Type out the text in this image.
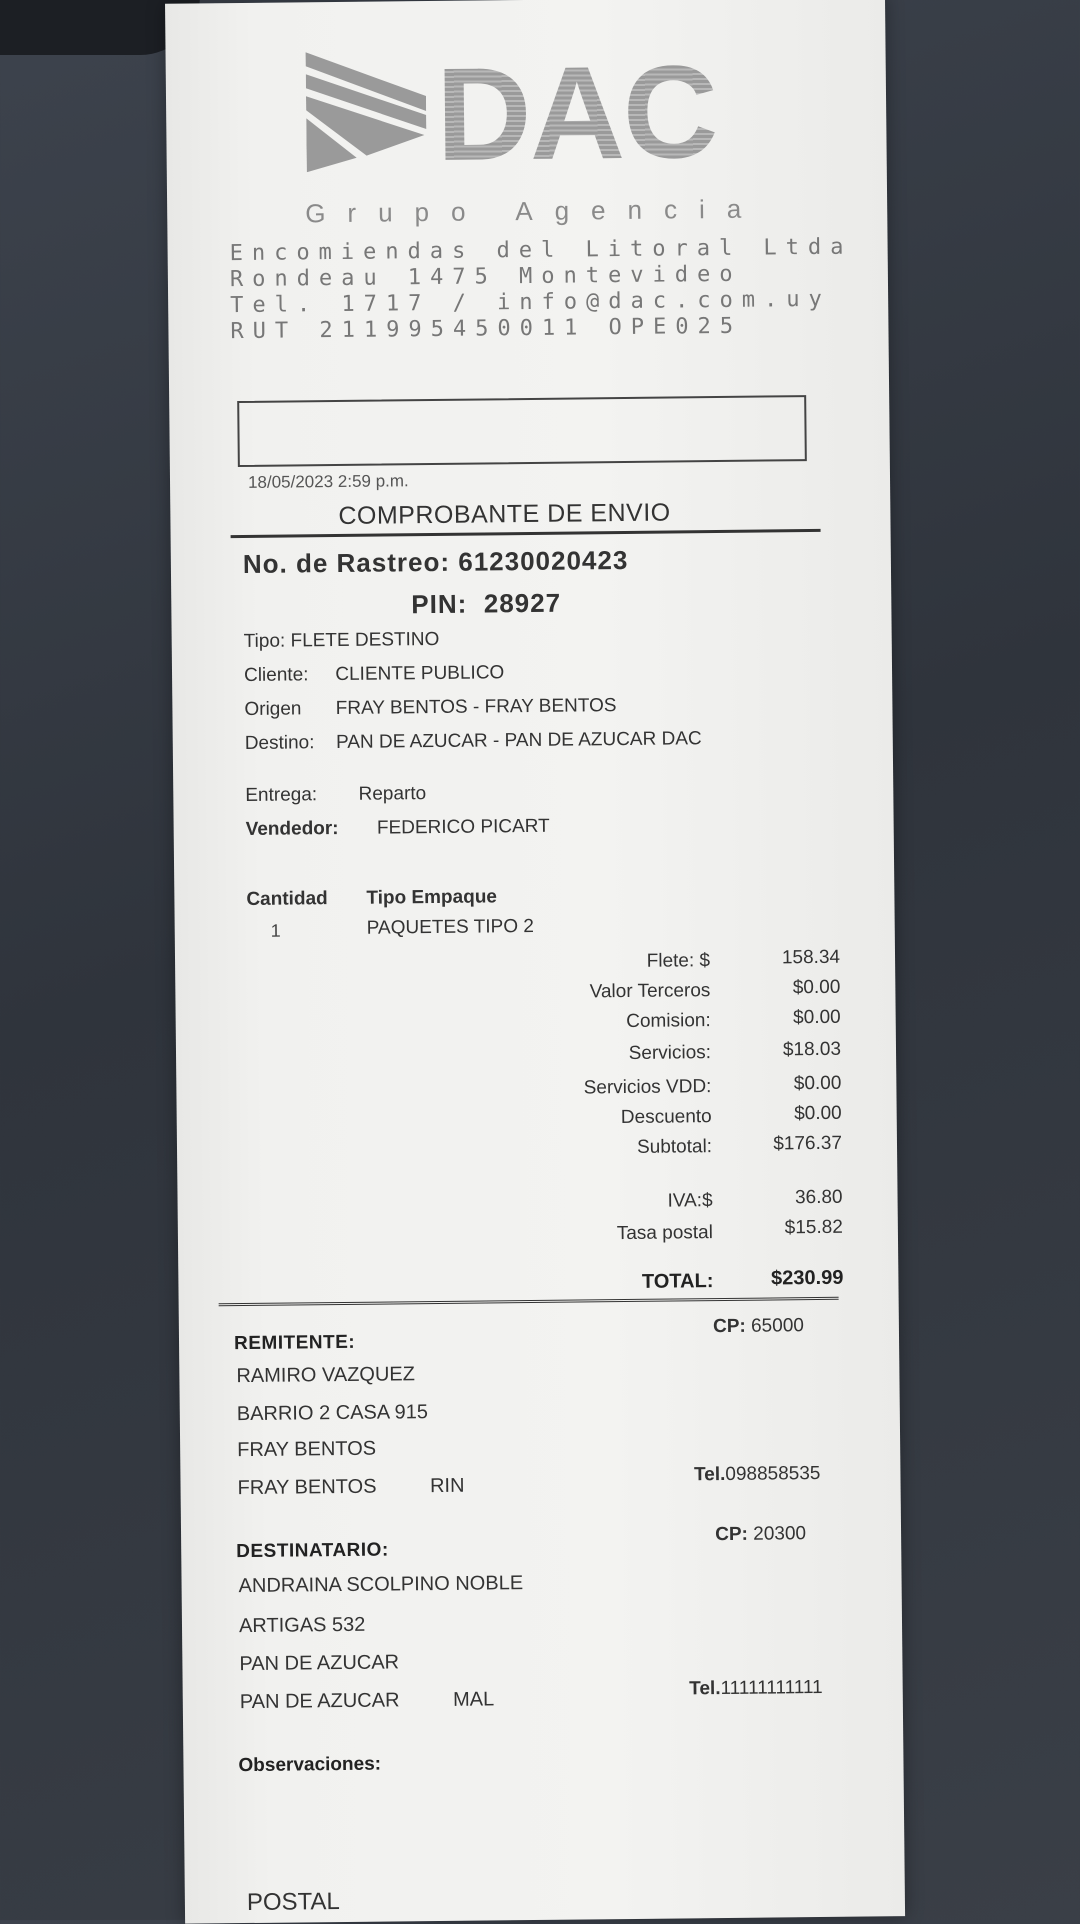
DAC
Grupo Agencia
Encomiendas del Litoral Ltda
Rondeau 1475 Montevideo
Tel. 1717 / info@dac.com.uy
RUT 211995450011 OPE025
18/05/2023 2:59 p.m.
COMPROBANTE DE ENVIO
No. de Rastreo: 61230020423
PIN: 28927
Tipo: FLETE DESTINO
Cliente: CLIENTE PUBLICO
Origen FRAY BENTOS - FRAY BENTOS
Destino: PAN DE AZUCAR - PAN DE AZUCAR DAC
Entrega: Reparto
Vendedor: FEDERICO PICART
Cantidad Tipo Empaque
1	PAQUETES TIPO 2
Flete: $	158.34
Valor Terceros	$0.00
Comision:	$0.00
Servicios:	$18.03
Servicios VDD:	$0.00
Descuento	$0.00
Subtotal:	$176.37
IVA:$	36.80
Tasa postal	$15.82
TOTAL:	$230.99
REMITENTE:
CP: 65000
RAMIRO VAZQUEZ
BARRIO 2 CASA 915
FRAY BENTOS
FRAY BENTOS	RIN
Tel.098858535
DESTINATARIO:
CP: 20300
ANDRAINA SCOLPINO NOBLE
ARTIGAS 532
PAN DE AZUCAR
PAN DE AZUCAR	MAL	Tel.11111111111
Observaciones:
POSTAL
